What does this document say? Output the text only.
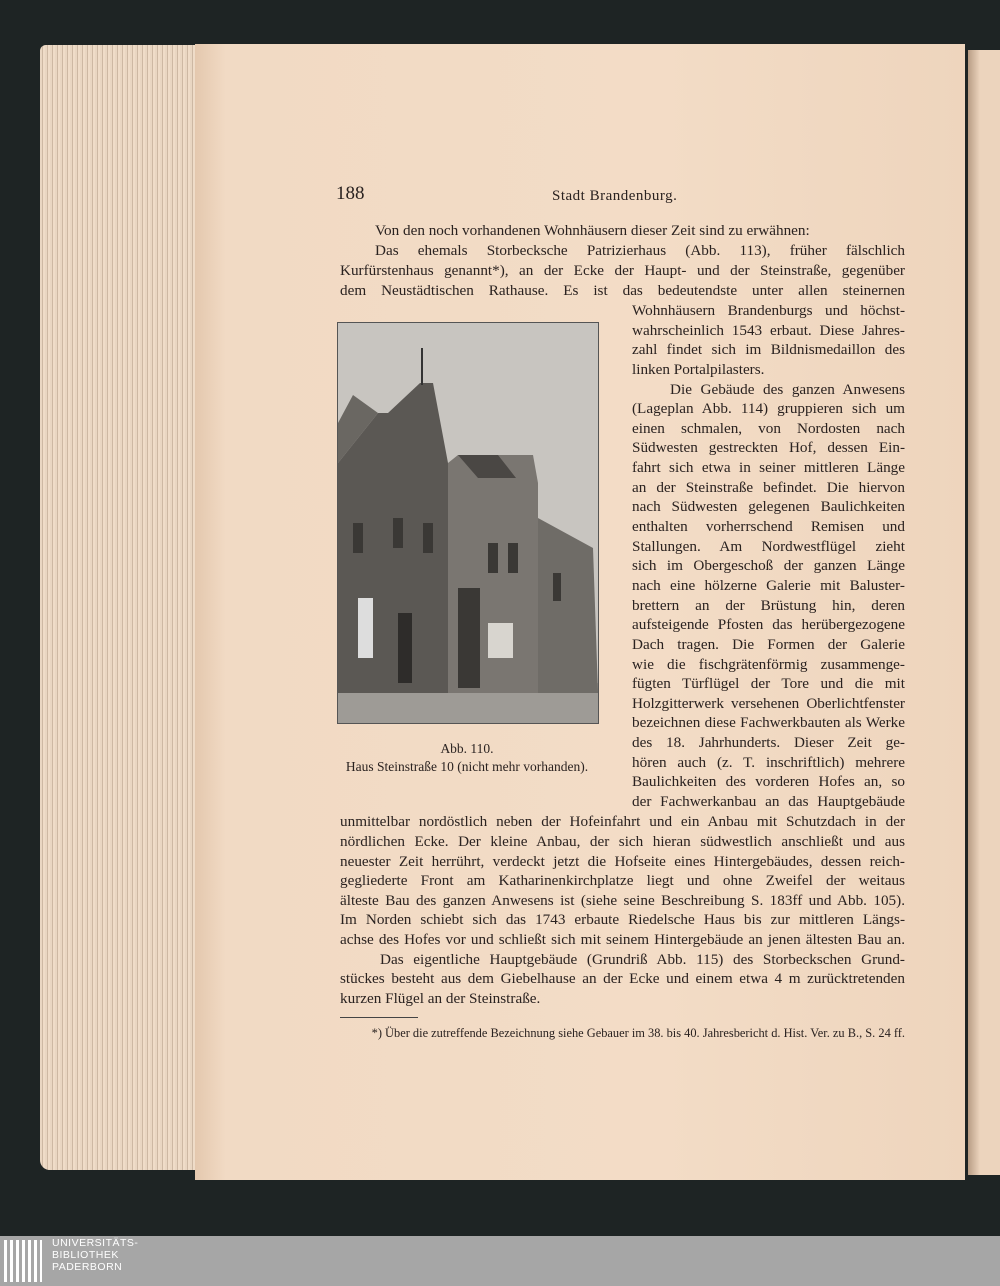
188	Stadt Brandenburg.
Von den noch vorhandenen Wohnhäusern dieser Zeit sind zu erwähnen:
Das ehemals Storbecksche Patrizierhaus (Abb. 113), früher fälschlich
Kurfürstenhaus genannt*), an der Ecke der Haupt- und der Steinstraße, gegenüber
dem Neustädtischen Rathause. Es ist das bedeutendste unter allen steinernen
Wohnhäusern Brandenburgs und höchst-
wahrscheinlich 1543 erbaut. Diese Jahres-
zahl findet sich im Bildnismedaillon des
linken Portalpilasters.
Die Gebäude des ganzen Anwesens
(Lageplan Abb. 114) gruppieren sich um
einen schmalen, von Nordosten nach
Südwesten gestreckten Hof, dessen Ein-
fahrt sich etwa in seiner mittleren Länge
an der Steinstraße befindet. Die hiervon
nach Südwesten gelegenen Baulichkeiten
enthalten vorherrschend Remisen und
Stallungen. Am Nordwestflügel zieht
sich im Obergeschoß der ganzen Länge
nach eine hölzerne Galerie mit Baluster-
brettern an der Brüstung hin, deren
aufsteigende Pfosten das herübergezogene
Dach tragen. Die Formen der Galerie
wie die fischgrätenförmig zusammenge-
fügten Türflügel der Tore und die mit
Holzgitterwerk versehenen Oberlichtfenster
bezeichnen diese Fachwerkbauten als Werke
des 18. Jahrhunderts. Dieser Zeit ge-
hören auch (z. T. inschriftlich) mehrere
Baulichkeiten des vorderen Hofes an, so
der Fachwerkanbau an das Hauptgebäude
unmittelbar nordöstlich neben der Hofeinfahrt und ein Anbau mit Schutzdach in der
nördlichen Ecke. Der kleine Anbau, der sich hieran südwestlich anschließt und aus
neuester Zeit herrührt, verdeckt jetzt die Hofseite eines Hintergebäudes, dessen reich-
gegliederte Front am Katharinenkirchplatze liegt und ohne Zweifel der weitaus
älteste Bau des ganzen Anwesens ist (siehe seine Beschreibung S. 183ff und Abb. 105).
Im Norden schiebt sich das 1743 erbaute Riedelsche Haus bis zur mittleren Längs-
achse des Hofes vor und schließt sich mit seinem Hintergebäude an jenen ältesten Bau an.
Das eigentliche Hauptgebäude (Grundriß Abb. 115) des Storbeckschen Grund-
stückes besteht aus dem Giebelhause an der Ecke und einem etwa 4 m zurücktretenden
kurzen Flügel an der Steinstraße.
Abb. 110.
Haus Steinstraße 10 (nicht mehr vorhanden).
*) Über die zutreffende Bezeichnung siehe Gebauer im 38. bis 40. Jahresbericht d. Hist. Ver. zu B., S. 24 ff.
UNIVERSITÄTS-
BIBLIOTHEK
PADERBORN
